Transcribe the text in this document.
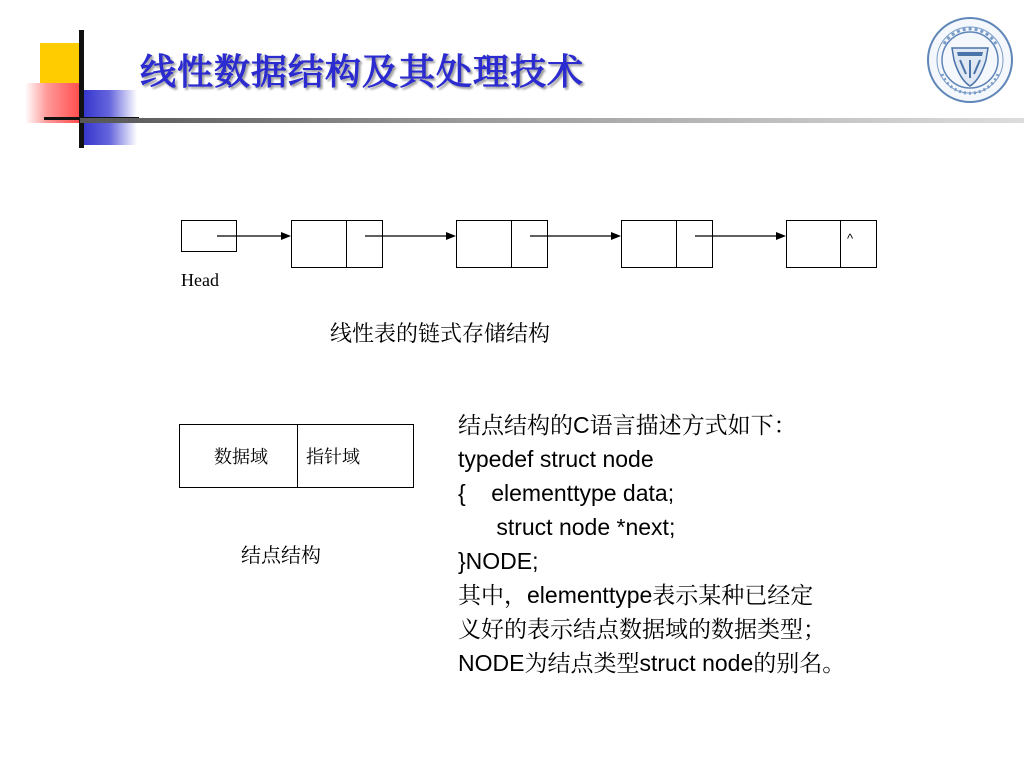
线性数据结构及其处理技术
^
Head
线性表的链式存储结构
数据域 指针域
结点结构
结点结构的C语言描述方式如下：
typedef struct node
{    elementtype data;
struct node *next;
}NODE;
其中，elementtype表示某种已经定
义好的表示结点数据域的数据类型；
NODE为结点类型struct node的别名。
